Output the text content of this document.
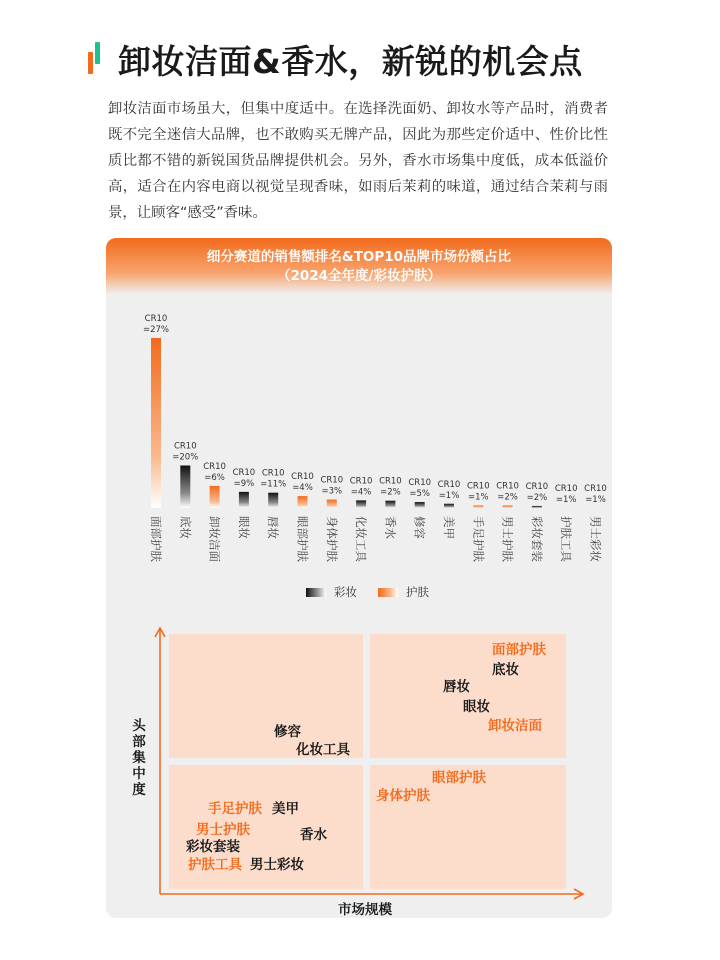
卸妆洁面&香水，新锐的机会点

卸妆洁面市场虽大，但集中度适中。在选择洗面奶、卸妆水等产品时，消费者既不完全迷信大品牌，也不敢购买无牌产品，因此为那些定价适中、性价比性质比都不错的新锐国货品牌提供机会。另外，香水市场集中度低，成本低溢价高，适合在内容电商以视觉呈现香味，如雨后茉莉的味道，通过结合茉莉与雨景，让顾客“感受”香味。

细分赛道的销售额排名&TOP10品牌市场份额占比
（2024全年度/彩妆护肤）
CR10
=27%
面部护肤
CR10
=20%
底妆
CR10
=6%
卸妆洁面
CR10
=9%
眼妆
CR10
=11%
唇妆
CR10
=4%
眼部护肤
CR10
=3%
身体护肤
CR10
=4%
化妆工具
CR10
=2%
香水
CR10
=5%
修容
CR10
=1%
美甲
CR10
=1%
手足护肤
CR10
=2%
男士护肤
CR10
=2%
彩妆套装
CR10
=1%
护肤工具
CR10
=1%
男士彩妆
彩妆	护肤
面部护肤
底妆
唇妆
眼妆
卸妆洁面
修容
化妆工具
眼部护肤
身体护肤
手足护肤 美甲
男士护肤	香水
彩妆套装
护肤工具 男士彩妆
头部集中度
市场规模
